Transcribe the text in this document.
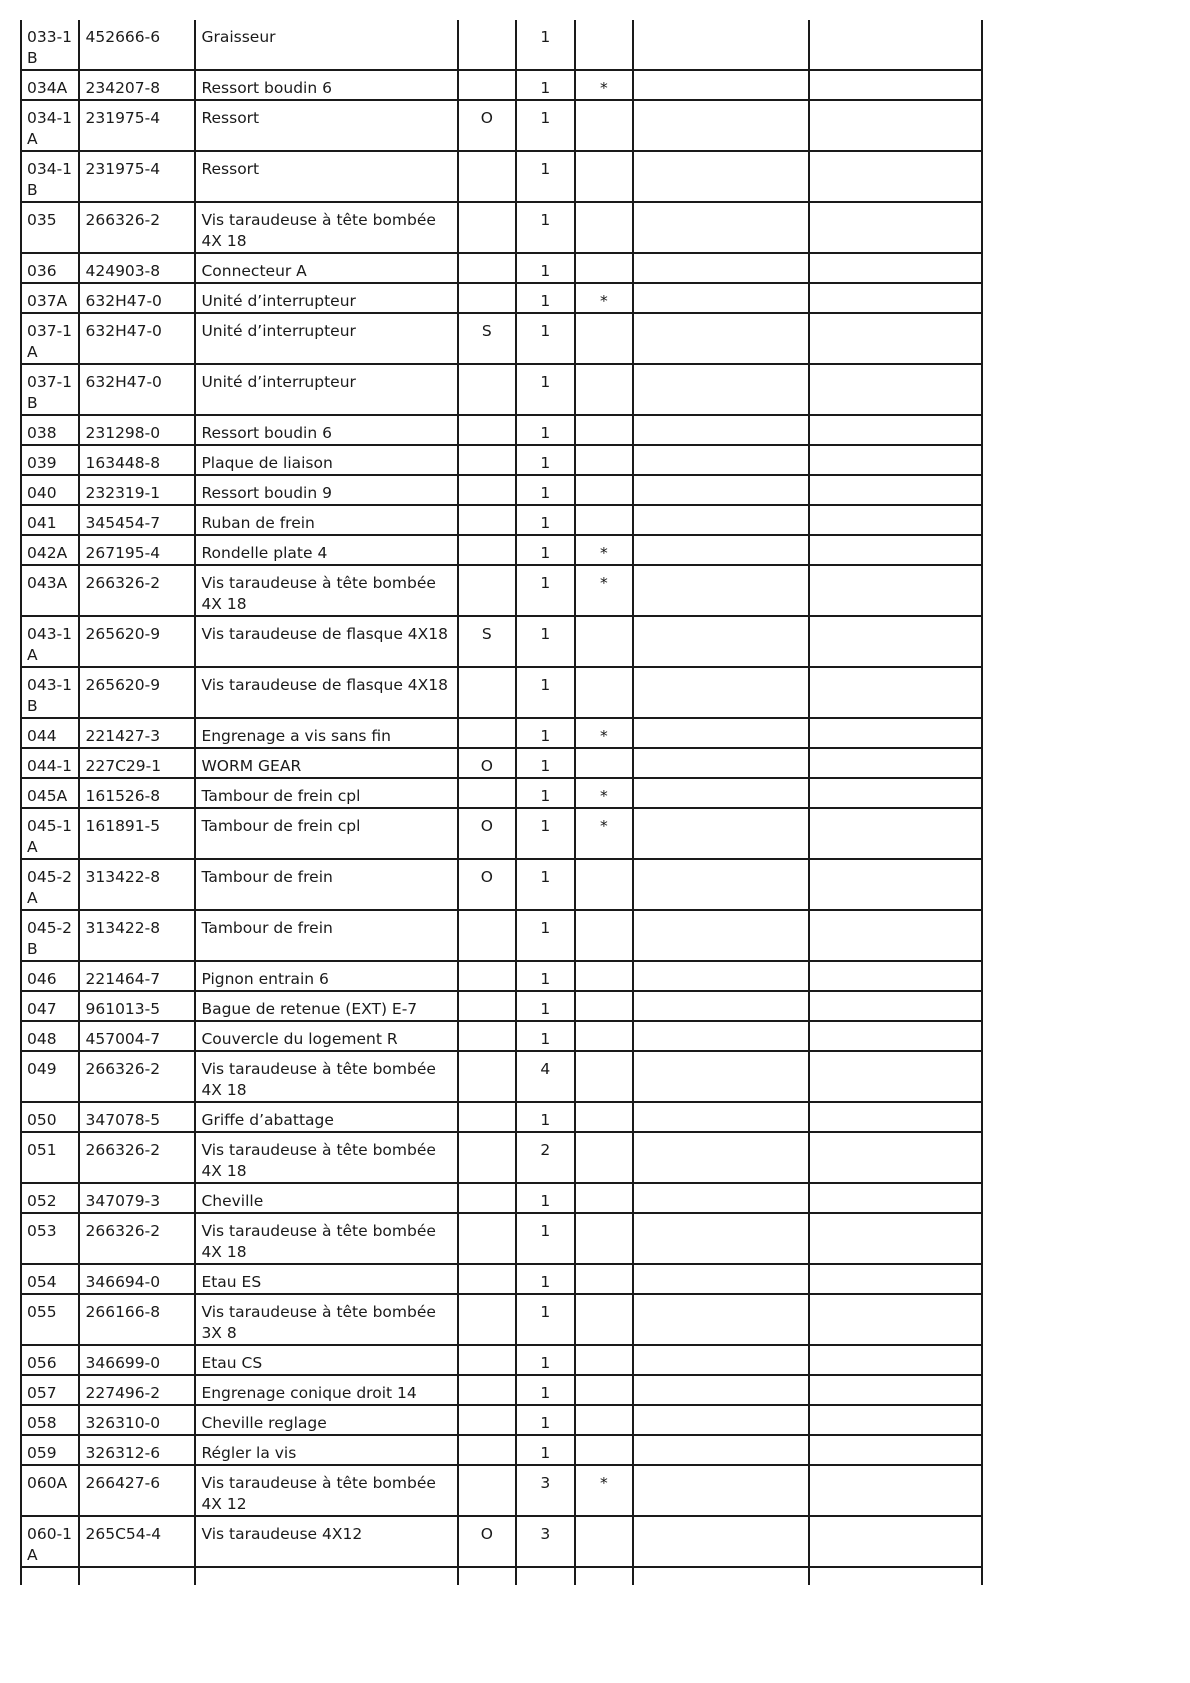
033-1 B	452666-6	Graisseur		1			
034A	234207-8	Ressort boudin 6		1	*		
034-1 A	231975-4	Ressort	O	1			
034-1 B	231975-4	Ressort		1			
035	266326-2	Vis taraudeuse à tête bombée 4X 18		1			
036	424903-8	Connecteur A		1			
037A	632H47-0	Unité d’interrupteur		1	*		
037-1 A	632H47-0	Unité d’interrupteur	S	1			
037-1 B	632H47-0	Unité d’interrupteur		1			
038	231298-0	Ressort boudin 6		1			
039	163448-8	Plaque de liaison		1			
040	232319-1	Ressort boudin 9		1			
041	345454-7	Ruban de frein		1			
042A	267195-4	Rondelle plate 4		1	*		
043A	266326-2	Vis taraudeuse à tête bombée 4X 18		1	*		
043-1 A	265620-9	Vis taraudeuse de flasque 4X18	S	1			
043-1 B	265620-9	Vis taraudeuse de flasque 4X18		1			
044	221427-3	Engrenage a vis sans fin		1	*		
044-1	227C29-1	WORM GEAR	O	1			
045A	161526-8	Tambour de frein cpl		1	*		
045-1 A	161891-5	Tambour de frein cpl	O	1	*		
045-2 A	313422-8	Tambour de frein	O	1			
045-2 B	313422-8	Tambour de frein		1			
046	221464-7	Pignon entrain 6		1			
047	961013-5	Bague de retenue (EXT) E-7		1			
048	457004-7	Couvercle du logement R		1			
049	266326-2	Vis taraudeuse à tête bombée 4X 18		4			
050	347078-5	Griffe d’abattage		1			
051	266326-2	Vis taraudeuse à tête bombée 4X 18		2			
052	347079-3	Cheville		1			
053	266326-2	Vis taraudeuse à tête bombée 4X 18		1			
054	346694-0	Etau ES		1			
055	266166-8	Vis taraudeuse à tête bombée 3X 8		1			
056	346699-0	Etau CS		1			
057	227496-2	Engrenage conique droit 14		1			
058	326310-0	Cheville reglage		1			
059	326312-6	Régler la vis		1			
060A	266427-6	Vis taraudeuse à tête bombée 4X 12		3	*		
060-1 A	265C54-4	Vis taraudeuse 4X12	O	3			
